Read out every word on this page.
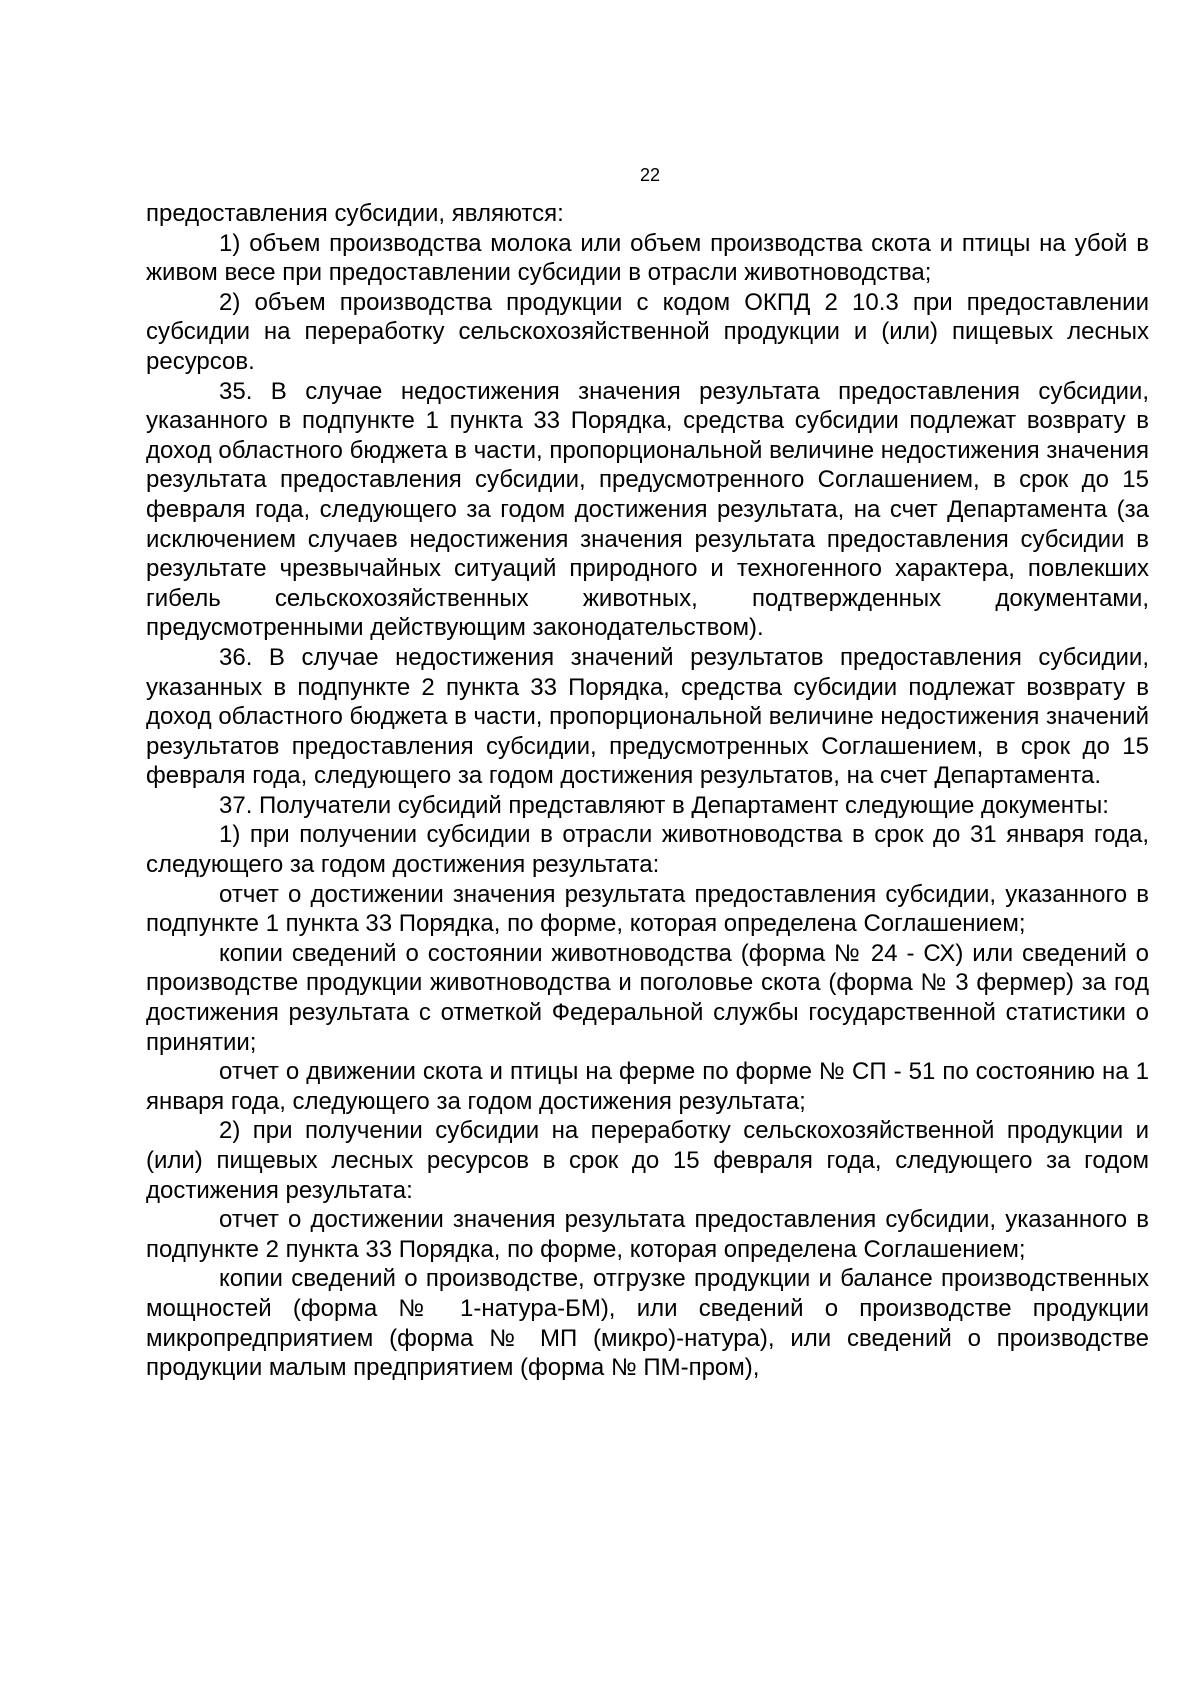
22

предоставления субсидии, являются:

1) объем производства молока или объем производства скота и птицы на убой в живом весе при предоставлении субсидии в отрасли животноводства;

2) объем производства продукции с кодом ОКПД 2 10.3 при предоставлении субсидии на переработку сельскохозяйственной продукции и (или) пищевых лесных ресурсов.

35. В случае недостижения значения результата предоставления субсидии, указанного в подпункте 1 пункта 33 Порядка, средства субсидии подлежат возврату в доход областного бюджета в части, пропорциональной величине недостижения значения результата предоставления субсидии, предусмотренного Соглашением, в срок до 15 февраля года, следующего за годом достижения результата, на счет Департамента (за исключением случаев недостижения значения результата предоставления субсидии в результате чрезвычайных ситуаций природного и техногенного характера, повлекших гибель сельскохозяйственных животных, подтвержденных документами, предусмотренными действующим законодательством).

36. В случае недостижения значений результатов предоставления субсидии, указанных в подпункте 2 пункта 33 Порядка, средства субсидии подлежат возврату в доход областного бюджета в части, пропорциональной величине недостижения значений результатов предоставления субсидии, предусмотренных Соглашением, в срок до 15 февраля года, следующего за годом достижения результатов, на счет Департамента.

37. Получатели субсидий представляют в Департамент следующие документы:

1) при получении субсидии в отрасли животноводства в срок до 31 января года, следующего за годом достижения результата:

отчет о достижении значения результата предоставления субсидии, указанного в подпункте 1 пункта 33 Порядка, по форме, которая определена Соглашением;

копии сведений о состоянии животноводства (форма № 24 - СХ) или сведений о производстве продукции животноводства и поголовье скота (форма № 3 фермер) за год достижения результата с отметкой Федеральной службы государственной статистики о принятии;

отчет о движении скота и птицы на ферме по форме № СП - 51 по состоянию на 1 января года, следующего за годом достижения результата;

2) при получении субсидии на переработку сельскохозяйственной продукции и (или) пищевых лесных ресурсов в срок до 15 февраля года, следующего за годом достижения результата:

отчет о достижении значения результата предоставления субсидии, указанного в подпункте 2 пункта 33 Порядка, по форме, которая определена Соглашением;

копии сведений о производстве, отгрузке продукции и балансе производственных мощностей (форма № 1-натура-БМ), или сведений о производстве продукции микропредприятием (форма № МП (микро)-натура), или сведений о производстве продукции малым предприятием (форма № ПМ-пром),
